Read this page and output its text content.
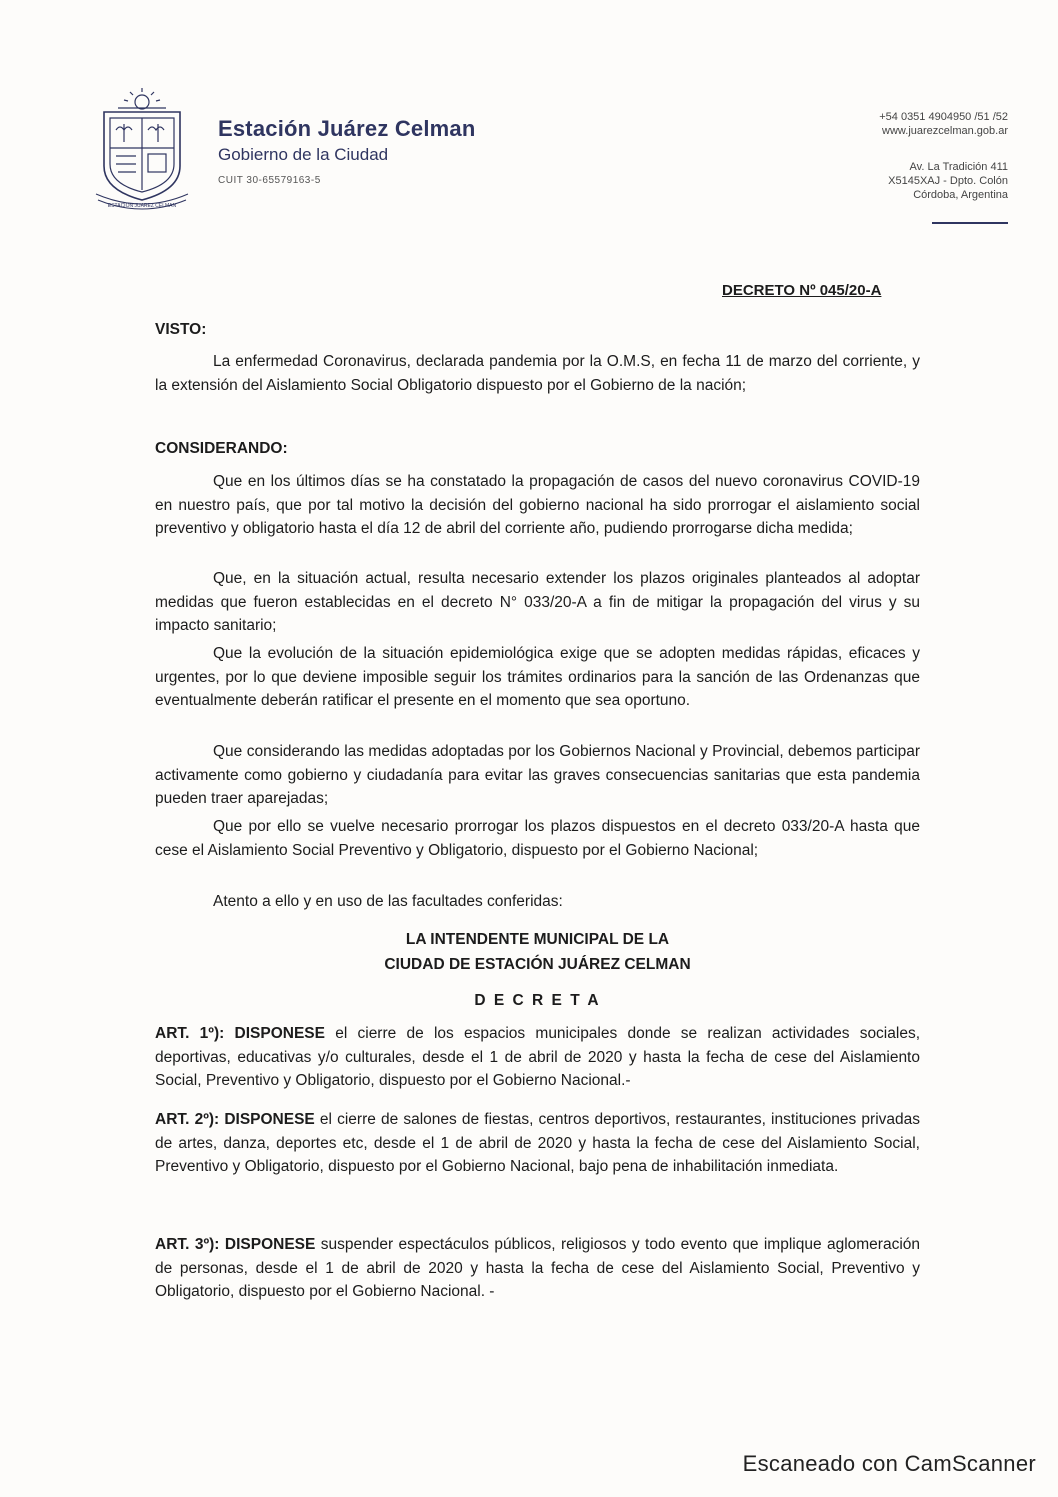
ESTACION JUAREZ CELMAN
Estación Juárez Celman
Gobierno de la Ciudad
CUIT 30-65579163-5
+54 0351 4904950 /51 /52
www.juarezcelman.gob.ar
Av. La Tradición 411
X5145XAJ - Dpto. Colón
Córdoba, Argentina
DECRETO Nº 045/20-A
VISTO:

La enfermedad Coronavirus, declarada pandemia por la O.M.S, en fecha 11 de marzo del corriente, y la extensión del Aislamiento Social Obligatorio dispuesto por el Gobierno de la nación;

CONSIDERANDO:

Que en los últimos días se ha constatado la propagación de casos del nuevo coronavirus COVID-19 en nuestro país, que por tal motivo la decisión del gobierno nacional ha sido prorrogar el aislamiento social preventivo y obligatorio hasta el día 12 de abril del corriente año, pudiendo prorrogarse dicha medida;

Que, en la situación actual, resulta necesario extender los plazos originales planteados al adoptar medidas que fueron establecidas en el decreto N° 033/20-A a fin de mitigar la propagación del virus y su impacto sanitario;

Que la evolución de la situación epidemiológica exige que se adopten medidas rápidas, eficaces y urgentes, por lo que deviene imposible seguir los trámites ordinarios para la sanción de las Ordenanzas que eventualmente deberán ratificar el presente en el momento que sea oportuno.

Que considerando las medidas adoptadas por los Gobiernos Nacional y Provincial, debemos participar activamente como gobierno y ciudadanía para evitar las graves consecuencias sanitarias que esta pandemia pueden traer aparejadas;

Que por ello se vuelve necesario prorrogar los plazos dispuestos en el decreto 033/20-A hasta que cese el Aislamiento Social Preventivo y Obligatorio, dispuesto por el Gobierno Nacional;

Atento a ello y en uso de las facultades conferidas:

LA INTENDENTE MUNICIPAL DE LA
CIUDAD DE ESTACIÓN JUÁREZ CELMAN
D E C R E T A

ART. 1º): DISPONESE el cierre de los espacios municipales donde se realizan actividades sociales, deportivas, educativas y/o culturales, desde el 1 de abril de 2020 y hasta la fecha de cese del Aislamiento Social, Preventivo y Obligatorio, dispuesto por el Gobierno Nacional.-

ART. 2º): DISPONESE el cierre de salones de fiestas, centros deportivos, restaurantes, instituciones privadas de artes, danza, deportes etc, desde el 1 de abril de 2020 y hasta la fecha de cese del Aislamiento Social, Preventivo y Obligatorio, dispuesto por el Gobierno Nacional, bajo pena de inhabilitación inmediata.

ART. 3º): DISPONESE suspender espectáculos públicos, religiosos y todo evento que implique aglomeración de personas, desde el 1 de abril de 2020 y hasta la fecha de cese del Aislamiento Social, Preventivo y Obligatorio, dispuesto por el Gobierno Nacional. -

Escaneado con CamScanner
